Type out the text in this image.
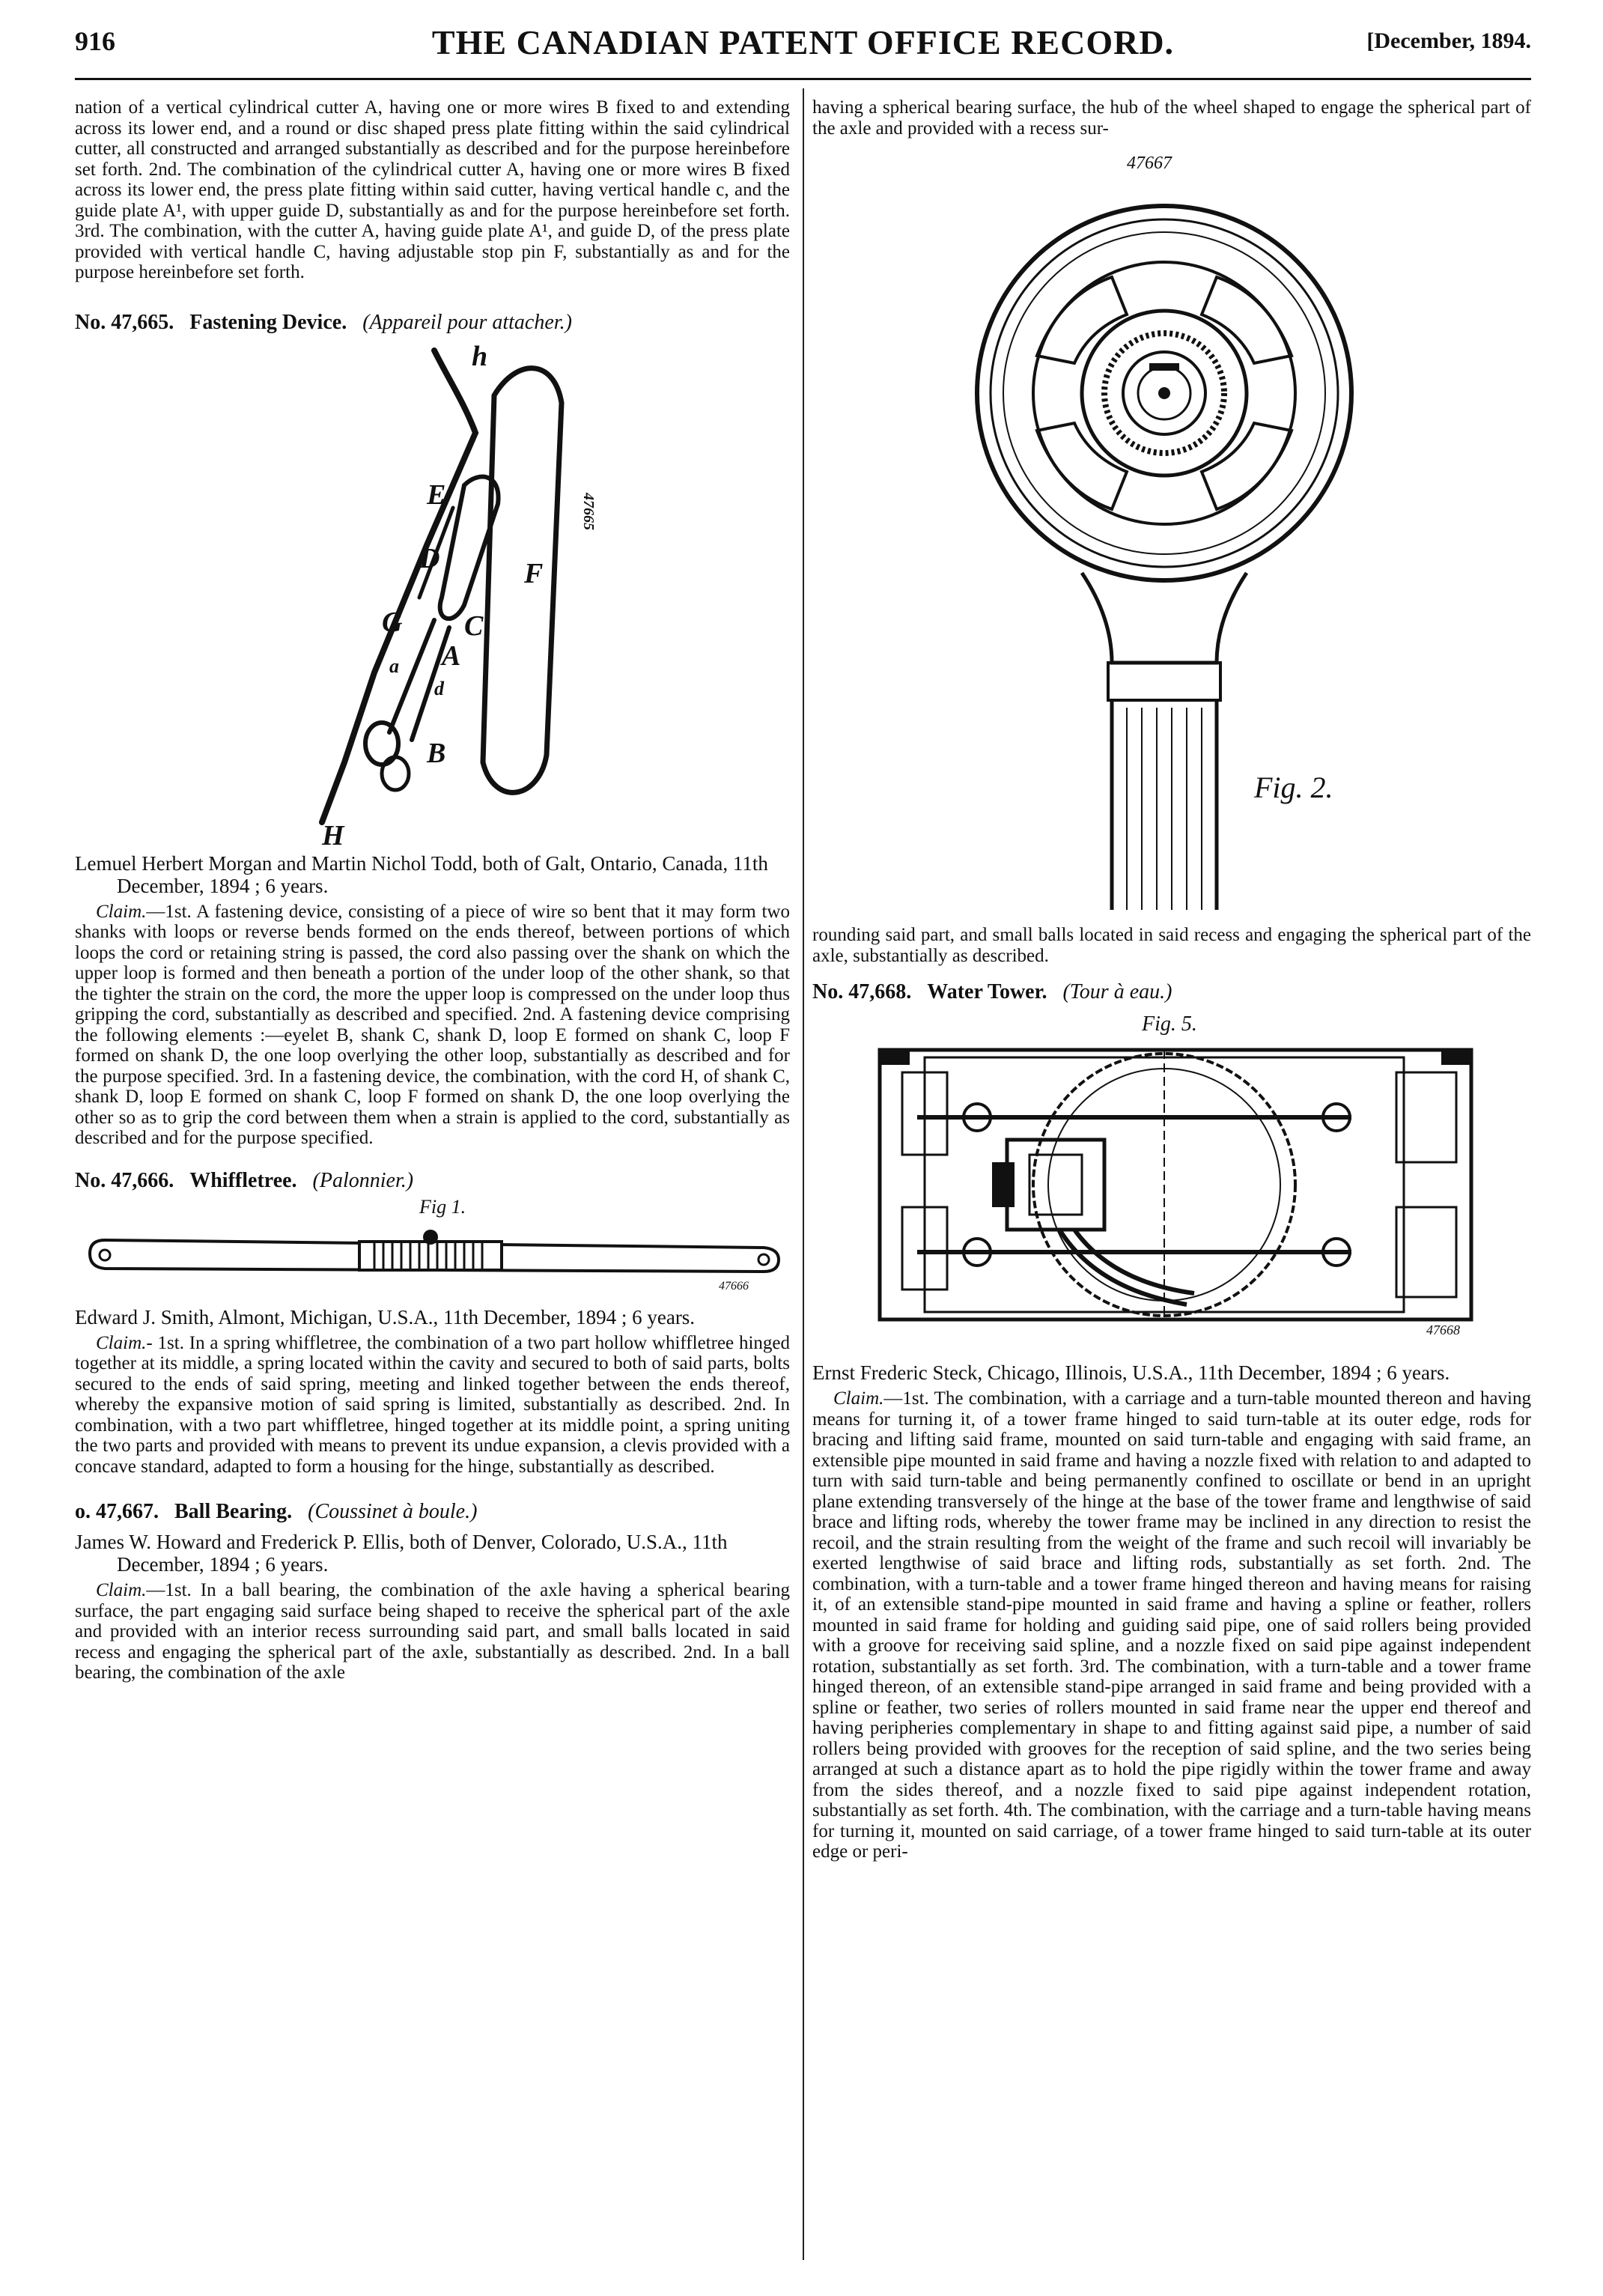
916	THE CANADIAN PATENT OFFICE RECORD.	[December, 1894.

nation of a vertical cylindrical cutter A, having one or more wires B fixed to and extending across its lower end, and a round or disc shaped press plate fitting within the said cylindrical cutter, all constructed and arranged substantially as described and for the purpose hereinbefore set forth. 2nd. The combination of the cylindrical cutter A, having one or more wires B fixed across its lower end, the press plate fitting within said cutter, having vertical handle c, and the guide plate A¹, with upper guide D, substantially as and for the purpose hereinbefore set forth. 3rd. The combination, with the cutter A, having guide plate A¹, and guide D, of the press plate provided with vertical handle C, having adjustable stop pin F, substantially as and for the purpose hereinbefore set forth.

No. 47,665. Fastening Device. (Appareil pour attacher.)
h
E
D
G
A
C
F
B
a
d
H
47665

Lemuel Herbert Morgan and Martin Nichol Todd, both of Galt, Ontario, Canada, 11th December, 1894 ; 6 years.

Claim.—1st. A fastening device, consisting of a piece of wire so bent that it may form two shanks with loops or reverse bends formed on the ends thereof, between portions of which loops the cord or retaining string is passed, the cord also passing over the shank on which the upper loop is formed and then beneath a portion of the under loop of the other shank, so that the tighter the strain on the cord, the more the upper loop is compressed on the under loop thus gripping the cord, substantially as described and specified. 2nd. A fastening device comprising the following elements :—eyelet B, shank C, shank D, loop E formed on shank C, loop F formed on shank D, the one loop overlying the other loop, substantially as described and for the purpose specified. 3rd. In a fastening device, the combination, with the cord H, of shank C, shank D, loop E formed on shank C, loop F formed on shank D, the one loop overlying the other so as to grip the cord between them when a strain is applied to the cord, substantially as described and for the purpose specified.

No. 47,666. Whiffletree. (Palonnier.)
Fig 1.
47666

Edward J. Smith, Almont, Michigan, U.S.A., 11th December, 1894 ; 6 years.

Claim.- 1st. In a spring whiffletree, the combination of a two part hollow whiffletree hinged together at its middle, a spring located within the cavity and secured to both of said parts, bolts secured to the ends of said spring, meeting and linked together between the ends thereof, whereby the expansive motion of said spring is limited, substantially as described. 2nd. In combination, with a two part whiffletree, hinged together at its middle point, a spring uniting the two parts and provided with means to prevent its undue expansion, a clevis provided with a concave standard, adapted to form a housing for the hinge, substantially as described.

o. 47,667. Ball Bearing. (Coussinet à boule.)

James W. Howard and Frederick P. Ellis, both of Denver, Colorado, U.S.A., 11th December, 1894 ; 6 years.

Claim.—1st. In a ball bearing, the combination of the axle having a spherical bearing surface, the part engaging said surface being shaped to receive the spherical part of the axle and provided with an interior recess surrounding said part, and small balls located in said recess and engaging the spherical part of the axle, substantially as described. 2nd. In a ball bearing, the combination of the axle

having a spherical bearing surface, the hub of the wheel shaped to engage the spherical part of the axle and provided with a recess sur-

47667
Fig. 2.

rounding said part, and small balls located in said recess and engaging the spherical part of the axle, substantially as described.

No. 47,668. Water Tower. (Tour à eau.)
Fig. 5.
47668

Ernst Frederic Steck, Chicago, Illinois, U.S.A., 11th December, 1894 ; 6 years.

Claim.—1st. The combination, with a carriage and a turn-table mounted thereon and having means for turning it, of a tower frame hinged to said turn-table at its outer edge, rods for bracing and lifting said frame, mounted on said turn-table and engaging with said frame, an extensible pipe mounted in said frame and having a nozzle fixed with relation to and adapted to turn with said turn-table and being permanently confined to oscillate or bend in an upright plane extending transversely of the hinge at the base of the tower frame and lengthwise of said brace and lifting rods, whereby the tower frame may be inclined in any direction to resist the recoil, and the strain resulting from the weight of the frame and such recoil will invariably be exerted lengthwise of said brace and lifting rods, substantially as set forth. 2nd. The combination, with a turn-table and a tower frame hinged thereon and having means for raising it, of an extensible stand-pipe mounted in said frame and having a spline or feather, rollers mounted in said frame for holding and guiding said pipe, one of said rollers being provided with a groove for receiving said spline, and a nozzle fixed on said pipe against independent rotation, substantially as set forth. 3rd. The combination, with a turn-table and a tower frame hinged thereon, of an extensible stand-pipe arranged in said frame and being provided with a spline or feather, two series of rollers mounted in said frame near the upper end thereof and having peripheries complementary in shape to and fitting against said pipe, a number of said rollers being provided with grooves for the reception of said spline, and the two series being arranged at such a distance apart as to hold the pipe rigidly within the tower frame and away from the sides thereof, and a nozzle fixed to said pipe against independent rotation, substantially as set forth. 4th. The combination, with the carriage and a turn-table having means for turning it, mounted on said carriage, of a tower frame hinged to said turn-table at its outer edge or peri-
